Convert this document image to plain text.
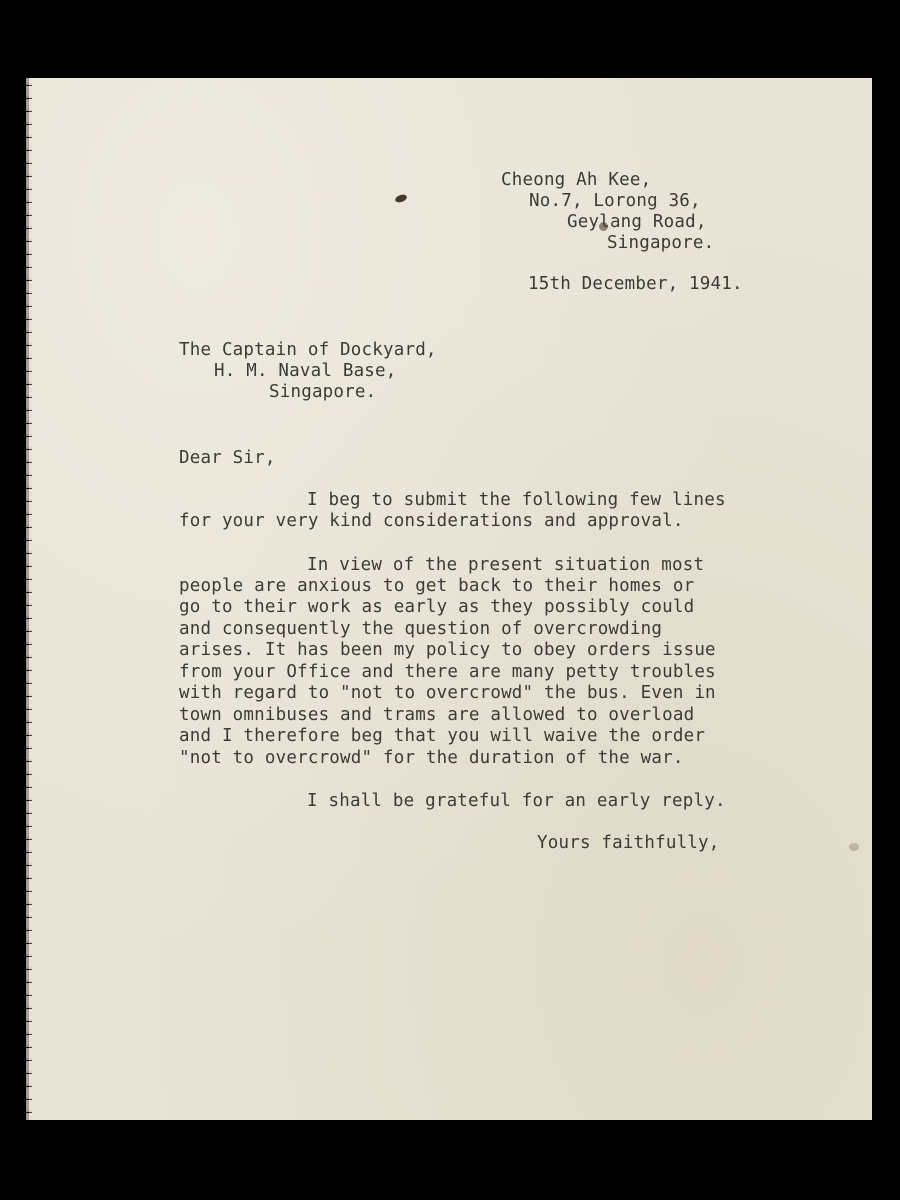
Cheong Ah Kee,
No.7, Lorong 36,
Geylang Road,
Singapore.
15th December, 1941.
The Captain of Dockyard,
H. M. Naval Base,
Singapore.
Dear Sir,
I beg to submit the following few lines
for your very kind considerations and approval.
In view of the present situation most
people are anxious to get back to their homes or
go to their work as early as they possibly could
and consequently the question of overcrowding
arises. It has been my policy to obey orders issue
from your Office and there are many petty troubles
with regard to "not to overcrowd" the bus. Even in
town omnibuses and trams are allowed to overload
and I therefore beg that you will waive the order
"not to overcrowd" for the duration of the war.
I shall be grateful for an early reply.
Yours faithfully,
